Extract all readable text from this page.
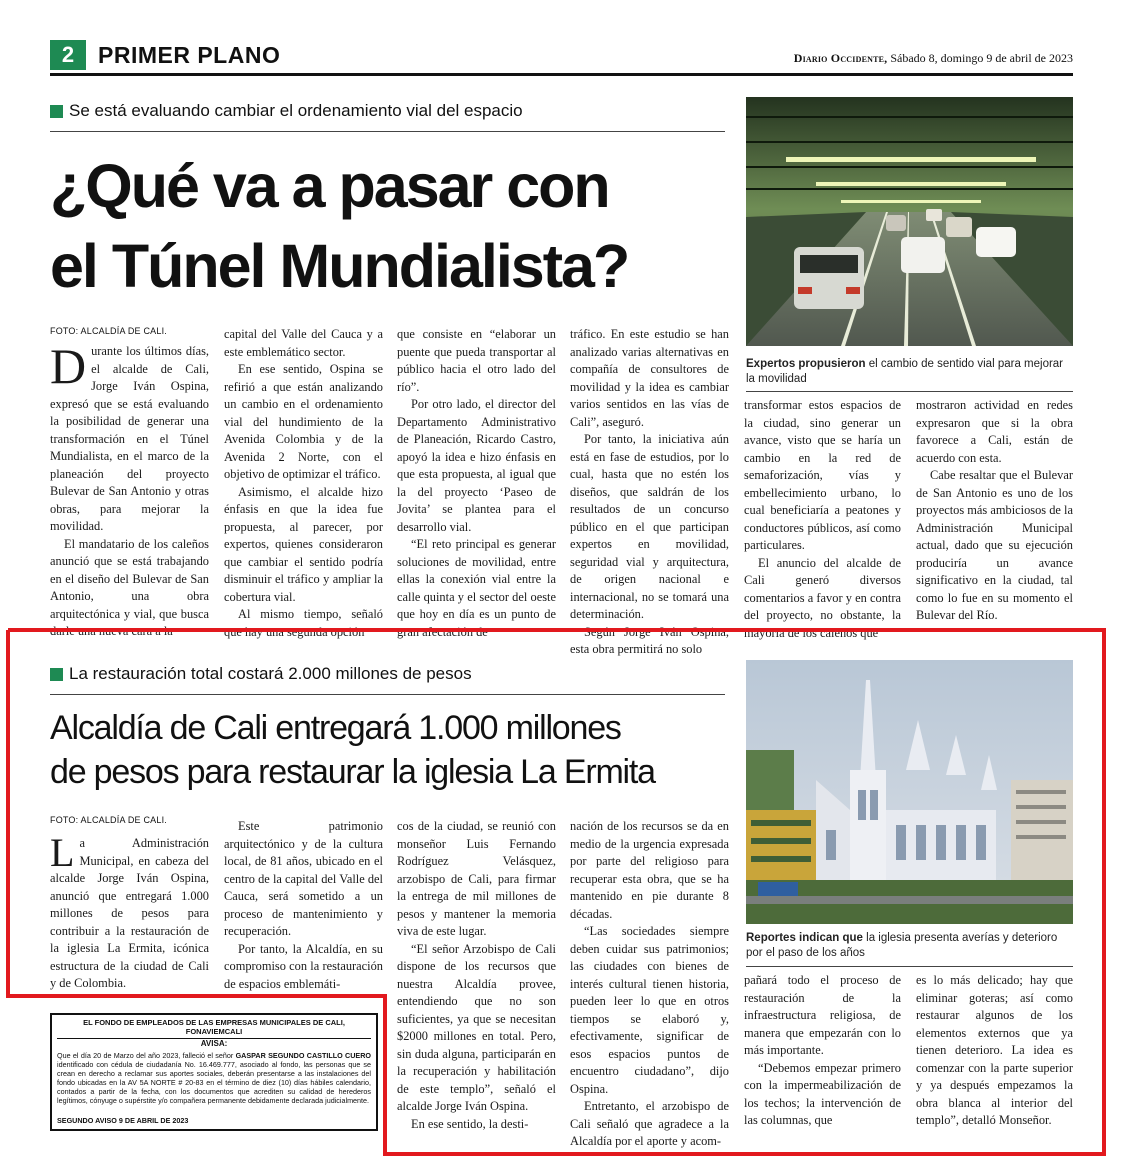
2	PRIMER PLANO	Diario Occidente, Sábado 8, domingo 9 de abril de 2023
Se está evaluando cambiar el ordenamiento vial del espacio
¿Qué va a pasar con
el Túnel Mundialista?
Expertos propusieron el cambio de sentido vial para mejorar la movilidad
FOTO: ALCALDÍA DE CALI.

Durante los últimos días, el alcalde de Cali, Jorge Iván Ospina, expresó que se está evaluando la posibilidad de generar una transformación en el Túnel Mundialista, en el marco de la planeación del proyecto Bulevar de San Antonio y otras obras, para mejorar la movilidad.

El mandatario de los caleños anunció que se está trabajando en el diseño del Bulevar de San Antonio, una obra arquitectónica y vial, que busca darle una nueva cara a la

capital del Valle del Cauca y a este emblemático sector.

En ese sentido, Ospina se refirió a que están analizando un cambio en el ordenamiento vial del hundimiento de la Avenida Colombia y de la Avenida 2 Norte, con el objetivo de optimizar el tráfico.

Asimismo, el alcalde hizo énfasis en que la idea fue propuesta, al parecer, por expertos, quienes consideraron que cambiar el sentido podría disminuir el tráfico y ampliar la cobertura vial.

Al mismo tiempo, señaló que hay una segunda opción

que consiste en “elaborar un puente que pueda transportar al público hacia el otro lado del río”.

Por otro lado, el director del Departamento Administrativo de Planeación, Ricardo Castro, apoyó la idea e hizo énfasis en que esta propuesta, al igual que la del proyecto ‘Paseo de Jovita’ se plantea para el desarrollo vial.

“El reto principal es generar soluciones de movilidad, entre ellas la conexión vial entre la calle quinta y el sector del oeste que hoy en día es un punto de gran afectación de

tráfico. En este estudio se han analizado varias alternativas en compañía de consultores de movilidad y la idea es cambiar varios sentidos en las vías de Cali”, aseguró.

Por tanto, la iniciativa aún está en fase de estudios, por lo cual, hasta que no estén los diseños, que saldrán de los resultados de un concurso público en el que participan expertos en movilidad, seguridad vial y arquitectura, de origen nacional e internacional, no se tomará una determinación.

Según Jorge Iván Ospina, esta obra permitirá no solo

transformar estos espacios de la ciudad, sino generar un avance, visto que se haría un cambio en la red de semaforización, vías y embellecimiento urbano, lo cual beneficiaría a peatones y conductores públicos, así como particulares.

El anuncio del alcalde de Cali generó diversos comentarios a favor y en contra del proyecto, no obstante, la mayoría de los caleños que

mostraron actividad en redes expresaron que si la obra favorece a Cali, están de acuerdo con esta.

Cabe resaltar que el Bulevar de San Antonio es uno de los proyectos más ambiciosos de la Administración Municipal actual, dado que su ejecución produciría un avance significativo en la ciudad, tal como lo fue en su momento el Bulevar del Río.

La restauración total costará 2.000 millones de pesos
Alcaldía de Cali entregará 1.000 millones
de pesos para restaurar la iglesia La Ermita
Reportes indican que la iglesia presenta averías y deterioro por el paso de los años
FOTO: ALCALDÍA DE CALI.

La Administración Municipal, en cabeza del alcalde Jorge Iván Ospina, anunció que entregará 1.000 millones de pesos para contribuir a la restauración de la iglesia La Ermita, icónica estructura de la ciudad de Cali y de Colombia.

Este patrimonio arquitectónico y de la cultura local, de 81 años, ubicado en el centro de la capital del Valle del Cauca, será sometido a un proceso de mantenimiento y recuperación.

Por tanto, la Alcaldía, en su compromiso con la restauración de espacios emblemáti-

cos de la ciudad, se reunió con monseñor Luis Fernando Rodríguez Velásquez, arzobispo de Cali, para firmar la entrega de mil millones de pesos y mantener la memoria viva de este lugar.

“El señor Arzobispo de Cali dispone de los recursos que nuestra Alcaldía provee, entendiendo que no son suficientes, ya que se necesitan $2000 millones en total. Pero, sin duda alguna, participarán en la recuperación y habilitación de este templo”, señaló el alcalde Jorge Iván Ospina.

En ese sentido, la desti-

nación de los recursos se da en medio de la urgencia expresada por parte del religioso para recuperar esta obra, que se ha mantenido en pie durante 8 décadas.

“Las sociedades siempre deben cuidar sus patrimonios; las ciudades con bienes de interés cultural tienen historia, pueden leer lo que en otros tiempos se elaboró y, efectivamente, significar de esos espacios puntos de encuentro ciudadano”, dijo Ospina.

Entretanto, el arzobispo de Cali señaló que agradece a la Alcaldía por el aporte y acom-

pañará todo el proceso de restauración de la infraestructura religiosa, de manera que empezarán con lo más importante.

“Debemos empezar primero con la impermeabilización de los techos; la intervención de las columnas, que

es lo más delicado; hay que eliminar goteras; así como restaurar algunos de los elementos externos que ya tienen deterioro. La idea es comenzar con la parte superior y ya después empezamos la obra blanca al interior del templo”, detalló Monseñor.

EL FONDO DE EMPLEADOS DE LAS EMPRESAS MUNICIPALES DE CALI, FONAVIEMCALI
AVISA:
Que el día 20 de Marzo del año 2023, falleció el señor GASPAR SEGUNDO CASTILLO CUERO identificado con cédula de ciudadanía No. 16.469.777, asociado al fondo, las personas que se crean en derecho a reclamar sus aportes sociales, deberán presentarse a las instalaciones del fondo ubicadas en la AV 5A NORTE # 20-83 en el término de diez (10) días hábiles calendario, contados a partir de la fecha, con los documentos que acrediten su calidad de herederos legítimos, cónyuge o supérstite y/o compañera permanente debidamente declarada judicialmente.
SEGUNDO AVISO 9 DE ABRIL DE 2023
